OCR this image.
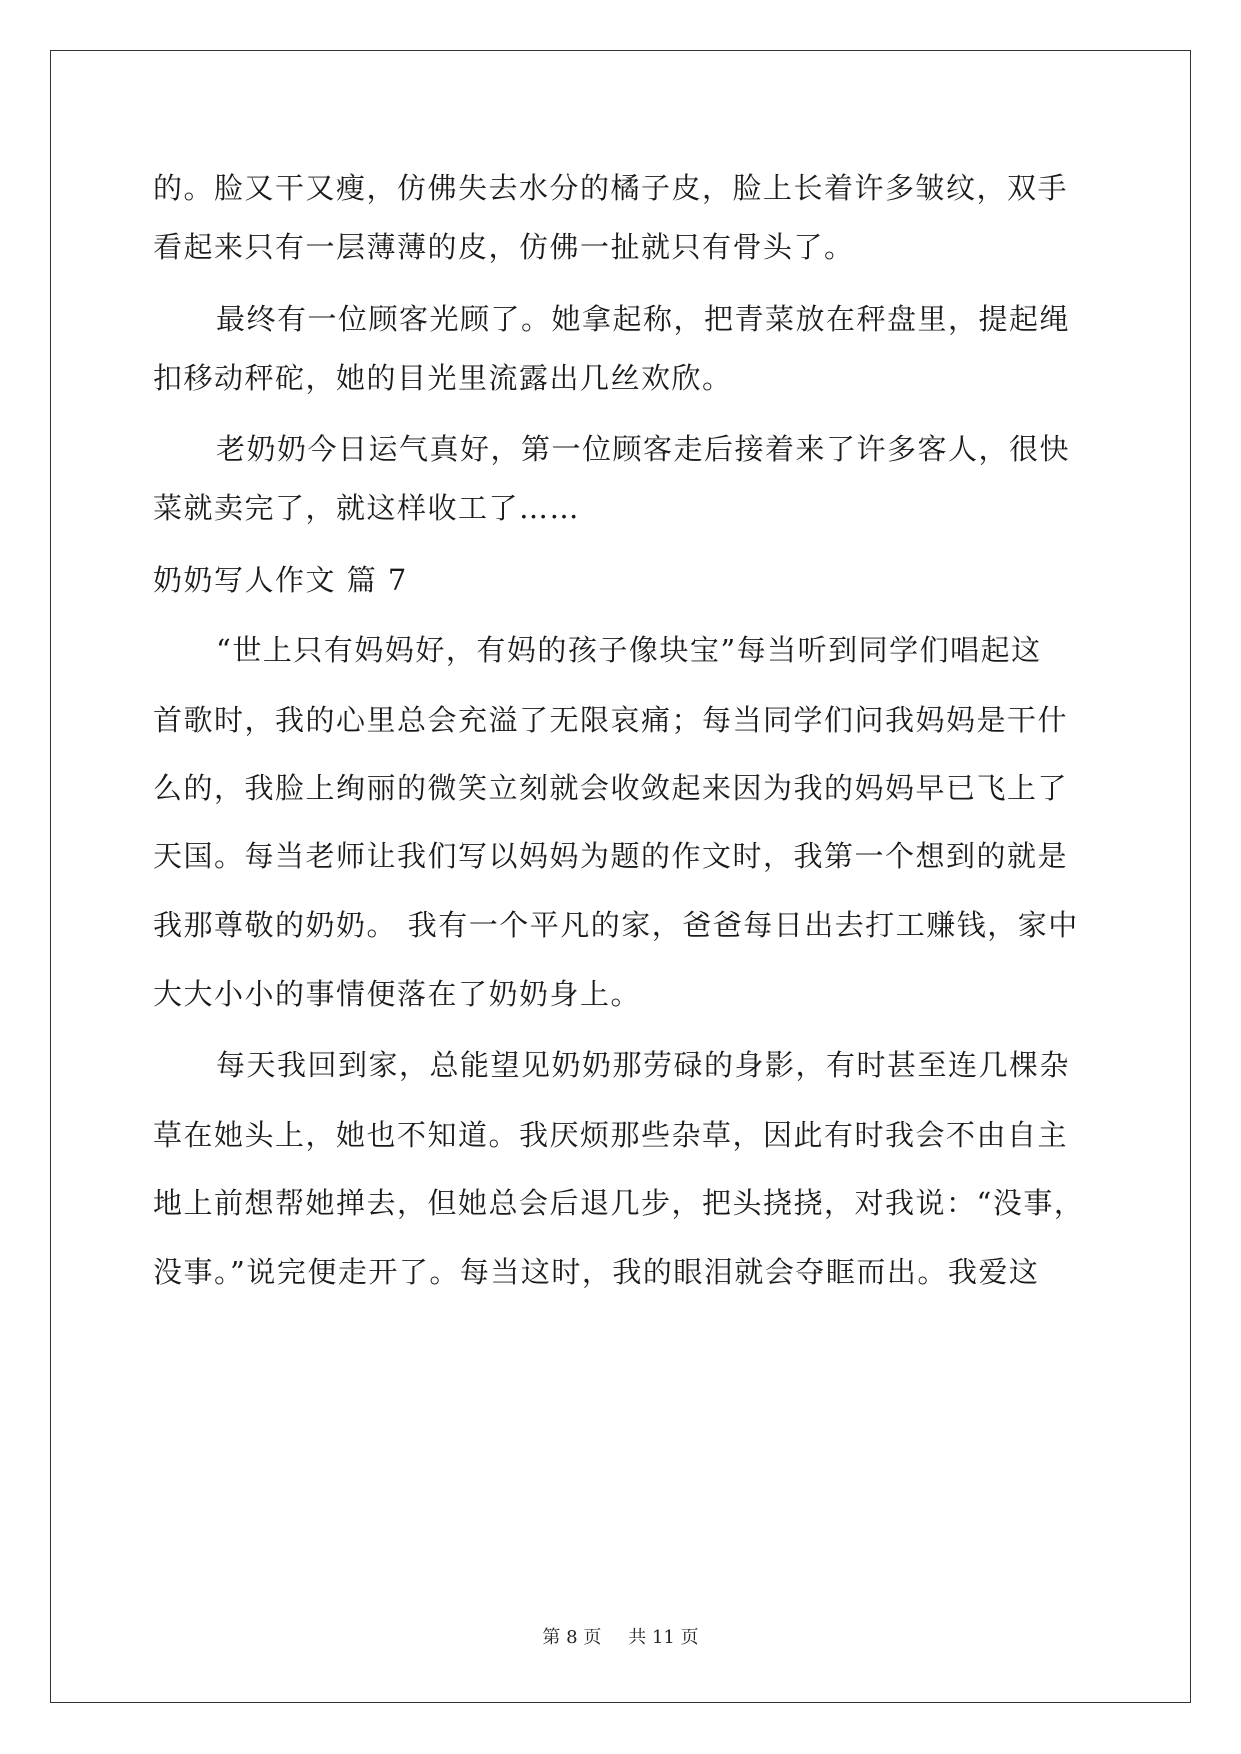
的。脸又干又瘦，仿佛失去水分的橘子皮，脸上长着许多皱纹，双手
看起来只有一层薄薄的皮，仿佛一扯就只有骨头了。
最终有一位顾客光顾了。她拿起称，把青菜放在秤盘里，提起绳
扣移动秤砣，她的目光里流露出几丝欢欣。
老奶奶今日运气真好，第一位顾客走后接着来了许多客人，很快
菜就卖完了，就这样收工了……
奶奶写人作文 篇 7
“世上只有妈妈好，有妈的孩子像块宝”每当听到同学们唱起这
首歌时，我的心里总会充溢了无限哀痛；每当同学们问我妈妈是干什
么的，我脸上绚丽的微笑立刻就会收敛起来因为我的妈妈早已飞上了
天国。每当老师让我们写以妈妈为题的作文时，我第一个想到的就是
我那尊敬的奶奶。 我有一个平凡的家，爸爸每日出去打工赚钱，家中
大大小小的事情便落在了奶奶身上。
每天我回到家，总能望见奶奶那劳碌的身影，有时甚至连几棵杂
草在她头上，她也不知道。我厌烦那些杂草，因此有时我会不由自主
地上前想帮她掸去，但她总会后退几步，把头挠挠，对我说：“没事，
没事。”说完便走开了。每当这时，我的眼泪就会夺眶而出。我爱这
第 8 页 共 11 页
